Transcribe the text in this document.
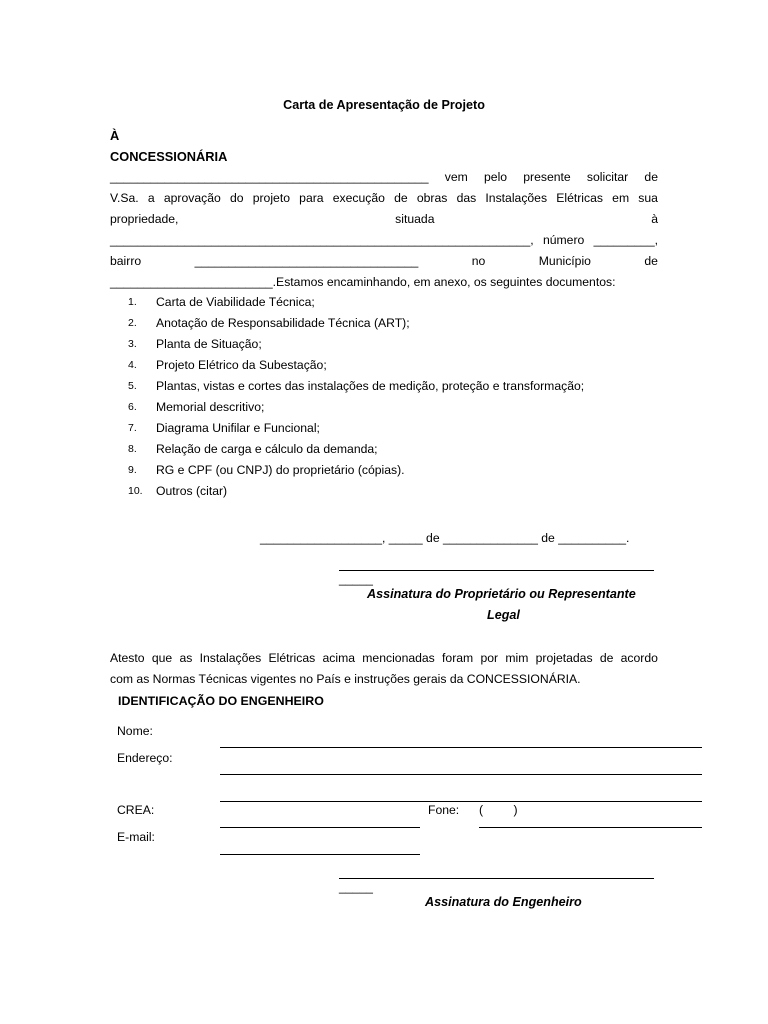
Carta de Apresentação de Projeto
À
CONCESSIONÁRIA
_______________________________________________ vem pelo presente solicitar de
V.Sa. a aprovação do projeto para execução de obras das Instalações Elétricas em sua
propriedade,	situada	à
______________________________________________________________, número _________,
bairro	_________________________________	no	Município	de
________________________.Estamos encaminhando, em anexo, os seguintes documentos:
1.	Carta de Viabilidade Técnica;
2.	Anotação de Responsabilidade Técnica (ART);
3.	Planta de Situação;
4.	Projeto Elétrico da Subestação;
5.	Plantas, vistas e cortes das instalações de medição, proteção e transformação;
6.	Memorial descritivo;
7.	Diagrama Unifilar e Funcional;
8.	Relação de carga e cálculo da demanda;
9.	RG e CPF (ou CNPJ) do proprietário (cópias).
10.	Outros (citar)
__________________, _____ de ______________ de __________.
_____
Assinatura do Proprietário ou Representante
Legal
Atesto que as Instalações Elétricas acima mencionadas foram por mim projetadas de acordo
com as Normas Técnicas vigentes no País e instruções gerais da CONCESSIONÁRIA.
IDENTIFICAÇÃO DO ENGENHEIRO
Nome:
Endereço:
CREA:	Fone: (         )
E-mail:
_____
Assinatura do Engenheiro
